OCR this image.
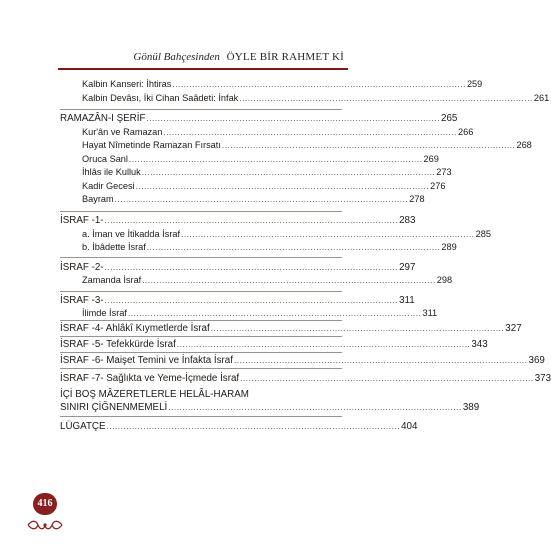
Gönül Bahçesinden ÖYLE BİR RAHMET Kİ
Kalbin Kanseri: İhtiras ........................................................................................................ 259
Kalbin Devâsı, İki Cihan Saâdeti: İnfak ........................................................................................................ 261
RAMAZÂN-I ŞERİF ........................................................................................................ 265
Kur'ân ve Ramazan ........................................................................................................ 266
Hayat Nîmetinde Ramazan Fırsatı ........................................................................................................ 268
Oruca Sanl ........................................................................................................ 269
İhlâs ile Kulluk ........................................................................................................ 273
Kadir Gecesi ........................................................................................................ 276
Bayram ........................................................................................................ 278
İSRAF -1- ........................................................................................................ 283
a. İman ve İtikadda İsraf ........................................................................................................ 285
b. İbâdette İsraf ........................................................................................................ 289
İSRAF -2- ........................................................................................................ 297
Zamanda İsraf ........................................................................................................ 298
İSRAF -3- ........................................................................................................ 311
İlimde İsraf ........................................................................................................ 311
İSRAF -4- Ahlâkî Kıymetlerde İsraf ........................................................................................................ 327
İSRAF -5- Tefekkürde İsraf ........................................................................................................ 343
İSRAF -6- Maişet Temini ve İnfakta İsraf ........................................................................................................ 369
İSRAF -7- Sağlıkta ve Yeme-İçmede İsraf ........................................................................................................ 373
İÇİ BOŞ MÂZERETLERLE HELÂL-HARAM
SINIRI ÇİĞNENMEMELİ ........................................................................................................ 389
LÜGATÇE ........................................................................................................ 404
416
